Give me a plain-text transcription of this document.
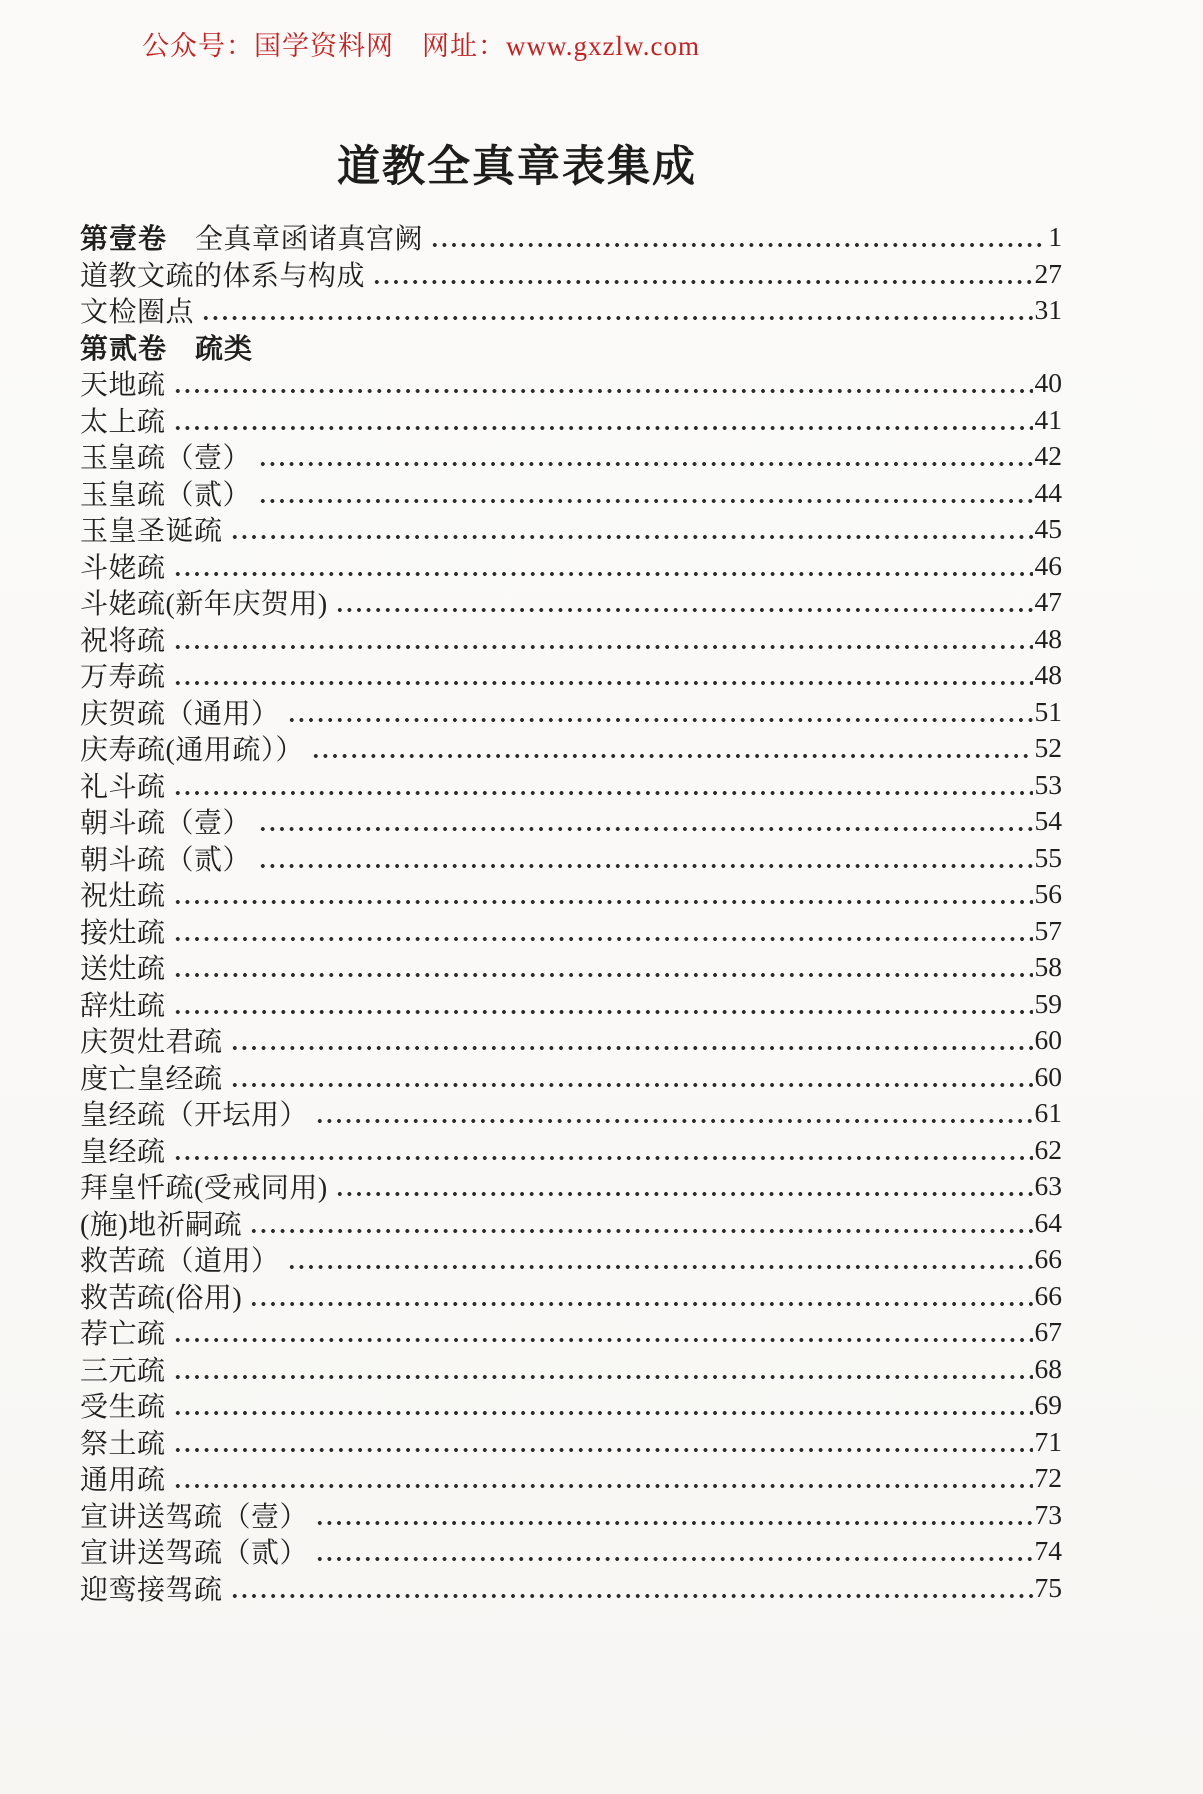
公众号：国学资料网　网址：www.gxzlw.com
道教全真章表集成
第壹卷 全真章函诸真宫阙	1
道教文疏的体系与构成	27
文检圈点	31
第贰卷 疏类
天地疏	40
太上疏	41
玉皇疏（壹）	42
玉皇疏（贰）	44
玉皇圣诞疏	45
斗姥疏	46
斗姥疏(新年庆贺用)	47
祝将疏	48
万寿疏	48
庆贺疏（通用）	51
庆寿疏(通用疏））	52
礼斗疏	53
朝斗疏（壹）	54
朝斗疏（贰）	55
祝灶疏	56
接灶疏	57
送灶疏	58
辞灶疏	59
庆贺灶君疏	60
度亡皇经疏	60
皇经疏（开坛用）	61
皇经疏	62
拜皇忏疏(受戒同用)	63
(施)地祈嗣疏	64
救苦疏（道用）	66
救苦疏(俗用)	66
荐亡疏	67
三元疏	68
受生疏	69
祭土疏	71
通用疏	72
宣讲送驾疏（壹）	73
宣讲送驾疏（贰）	74
迎鸾接驾疏	75
